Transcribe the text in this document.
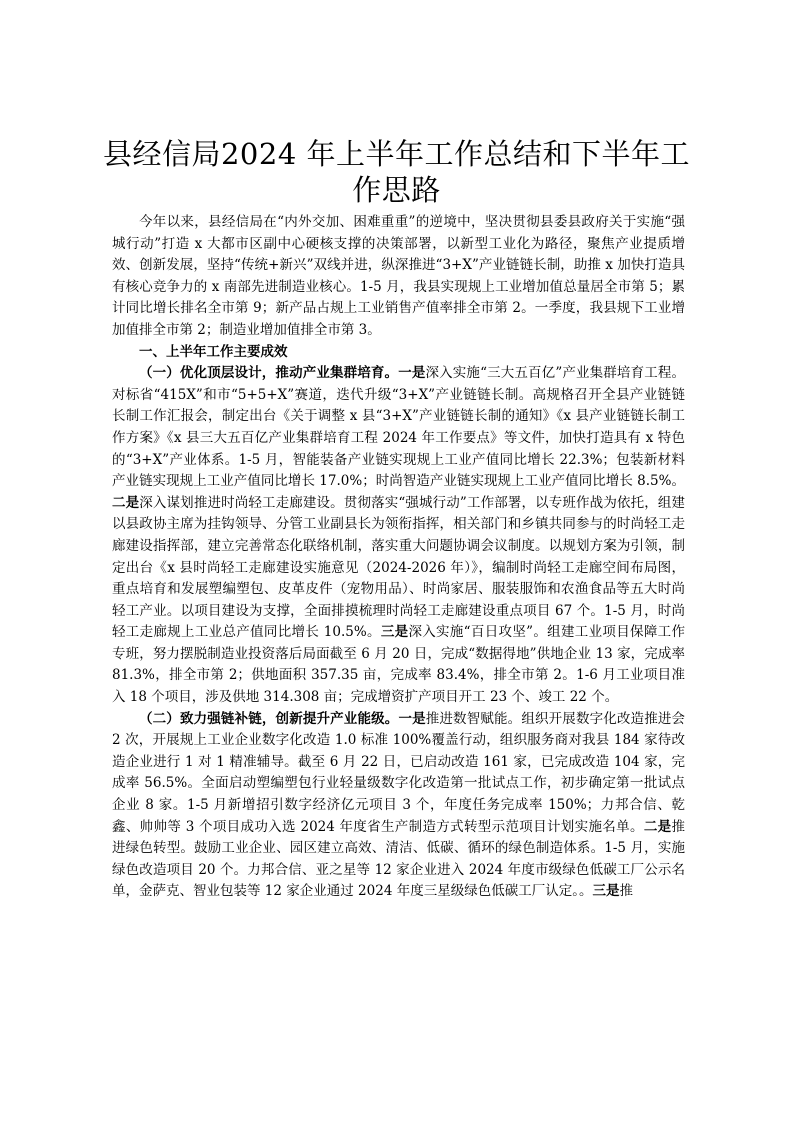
县经信局2024 年上半年工作总结和下半年工
作思路

今年以来，县经信局在“内外交加、困难重重”的逆境中，坚决贯彻县委县政府关于实施“强城行动”打造 x 大都市区副中心硬核支撑的决策部署，以新型工业化为路径，聚焦产业提质增效、创新发展，坚持“传统+新兴”双线并进，纵深推进“3+X”产业链链长制，助推 x 加快打造具有核心竞争力的 x 南部先进制造业核心。1-5 月，我县实现规上工业增加值总量居全市第 5；累计同比增长排名全市第 9；新产品占规上工业销售产值率排全市第 2。一季度，我县规下工业增加值排全市第 2；制造业增加值排全市第 3。

一、上半年工作主要成效

（一）优化顶层设计，推动产业集群培育。一是深入实施“三大五百亿”产业集群培育工程。对标省“415X”和市“5+5+X”赛道，迭代升级“3+X”产业链链长制。高规格召开全县产业链链长制工作汇报会，制定出台《关于调整 x 县“3+X”产业链链长制的通知》《x 县产业链链长制工作方案》《x 县三大五百亿产业集群培育工程 2024 年工作要点》等文件，加快打造具有 x 特色的“3+X”产业体系。1-5 月，智能装备产业链实现规上工业产值同比增长 22.3%；包装新材料产业链实现规上工业产值同比增长 17.0%；时尚智造产业链实现规上工业产值同比增长 8.5%。二是深入谋划推进时尚轻工走廊建设。贯彻落实“强城行动”工作部署，以专班作战为依托，组建以县政协主席为挂钩领导、分管工业副县长为领衔指挥，相关部门和乡镇共同参与的时尚轻工走廊建设指挥部，建立完善常态化联络机制，落实重大问题协调会议制度。以规划方案为引领，制定出台《x 县时尚轻工走廊建设实施意见（2024-2026 年）》，编制时尚轻工走廊空间布局图，重点培育和发展塑编塑包、皮革皮件（宠物用品）、时尚家居、服装服饰和农渔食品等五大时尚轻工产业。以项目建设为支撑，全面排摸梳理时尚轻工走廊建设重点项目 67 个。1-5 月，时尚轻工走廊规上工业总产值同比增长 10.5%。三是深入实施“百日攻坚”。组建工业项目保障工作专班，努力摆脱制造业投资落后局面截至 6 月 20 日，完成“数据得地”供地企业 13 家，完成率 81.3%，排全市第 2；供地面积 357.35 亩，完成率 83.4%，排全市第 2。1-6 月工业项目准入 18 个项目，涉及供地 314.308 亩；完成增资扩产项目开工 23 个、竣工 22 个。

（二）致力强链补链，创新提升产业能级。一是推进数智赋能。组织开展数字化改造推进会 2 次，开展规上工业企业数字化改造 1.0 标准 100%覆盖行动，组织服务商对我县 184 家待改造企业进行 1 对 1 精准辅导。截至 6 月 22 日，已启动改造 161 家，已完成改造 104 家，完成率 56.5%。全面启动塑编塑包行业轻量级数字化改造第一批试点工作，初步确定第一批试点企业 8 家。1-5 月新增招引数字经济亿元项目 3 个，年度任务完成率 150%；力邦合信、乾鑫、帅帅等 3 个项目成功入选 2024 年度省生产制造方式转型示范项目计划实施名单。二是推进绿色转型。鼓励工业企业、园区建立高效、清洁、低碳、循环的绿色制造体系。1-5 月，实施绿色改造项目 20 个。力邦合信、亚之星等 12 家企业进入 2024 年度市级绿色低碳工厂公示名单，金萨克、智业包装等 12 家企业通过 2024 年度三星级绿色低碳工厂认定。。三是推
